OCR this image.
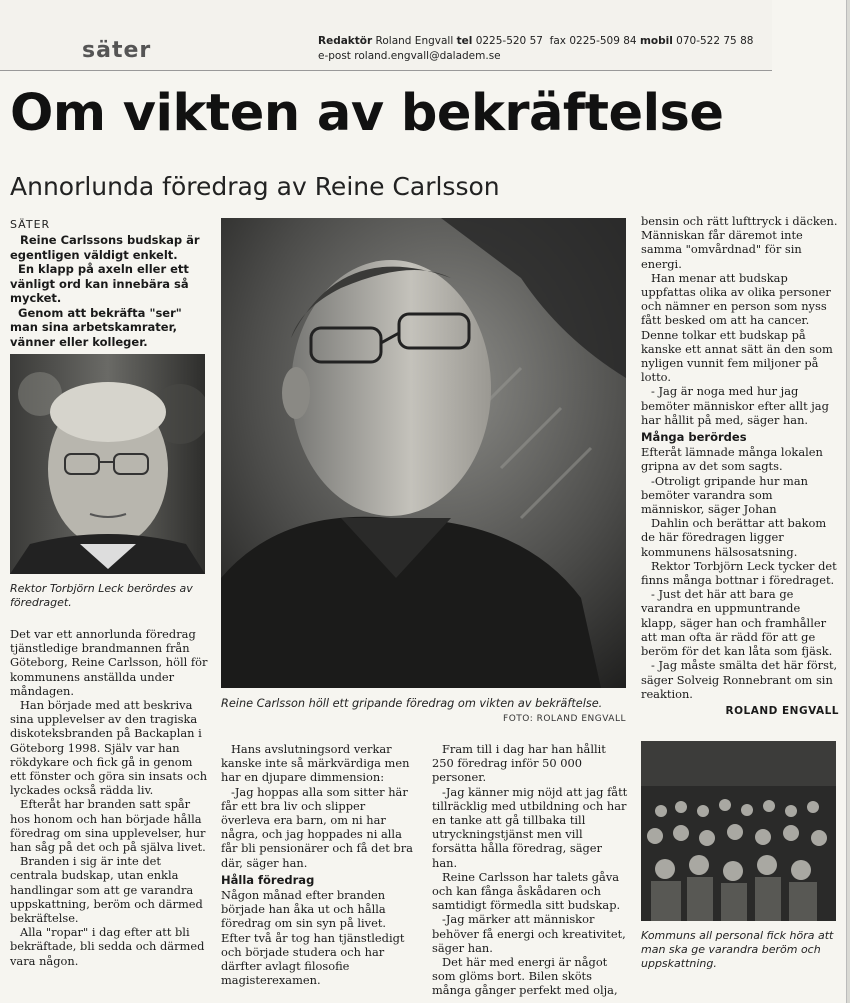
säter	Redaktör Roland Engvall tel 0225-520 57 fax 0225-509 84 mobil 070-522 75 88
e-post roland.engvall@daladem.se
Om vikten av bekräftelse
Annorlunda föredrag av Reine Carlsson
SÄTER

Reine Carlssons budskap är egentligen väldigt enkelt.

En klapp på axeln eller ett vänligt ord kan innebära så mycket.

Genom att bekräfta "ser" man sina arbetskamrater, vänner eller kolleger.

Rektor Torbjörn Leck berördes av föredraget.

Det var ett annorlunda föredrag tjänstledige brandmannen från Göteborg, Reine Carlsson, höll för kommunens anställda under måndagen.

Han började med att beskriva sina upplevelser av den tragiska diskoteksbranden på Backaplan i Göteborg 1998. Själv var han rökdykare och fick gå in genom ett fönster och göra sin insats och lyckades också rädda liv.

Efteråt har branden satt spår hos honom och han började hålla föredrag om sina upplevelser, hur han såg på det och på själva livet.

Branden i sig är inte det centrala budskap, utan enkla handlingar som att ge varandra uppskattning, beröm och därmed bekräftelse.

Alla "ropar" i dag efter att bli bekräftade, bli sedda och därmed vara någon.

Reine Carlsson höll ett gripande föredrag om vikten av bekräftelse.
FOTO: ROLAND ENGVALL

Hans avslutningsord verkar kanske inte så märkvärdiga men har en djupare dimmension:

-Jag hoppas alla som sitter här får ett bra liv och slipper överleva era barn, om ni har några, och jag hoppades ni alla får bli pensionärer och få det bra där, säger han.

Hålla föredrag

Någon månad efter branden började han åka ut och hålla föredrag om sin syn på livet. Efter två år tog han tjänstledigt och började studera och har därfter avlagt filosofie magisterexamen.

Fram till i dag har han hållit 250 föredrag inför 50 000 personer.

-Jag känner mig nöjd att jag fått tillräcklig med utbildning och har en tanke att gå tillbaka till utryckningstjänst men vill forsätta hålla föredrag, säger han.

Reine Carlsson har talets gåva och kan fånga åskådaren och samtidigt förmedla sitt budskap.

-Jag märker att människor behöver få energi och kreativitet, säger han.

Det här med energi är något som glöms bort. Bilen sköts många gånger perfekt med olja,

bensin och rätt lufttryck i däcken. Människan får däremot inte samma "omvårdnad" för sin energi.

Han menar att budskap uppfattas olika av olika personer och nämner en person som nyss fått besked om att ha cancer. Denne tolkar ett budskap på kanske ett annat sätt än den som nyligen vunnit fem miljoner på lotto.

- Jag är noga med hur jag bemöter människor efter allt jag har hållit på med, säger han.

Många berördes

Efteråt lämnade många lokalen gripna av det som sagts.

-Otroligt gripande hur man bemöter varandra som människor, säger Johan

Dahlin och berättar att bakom de här föredragen ligger kommunens hälsosatsning.

Rektor Torbjörn Leck tycker det finns många bottnar i föredraget.

- Just det här att bara ge varandra en uppmuntrande klapp, säger han och framhåller att man ofta är rädd för att ge beröm för det kan låta som fjäsk.

- Jag måste smälta det här först, säger Solveig Ronnebrant om sin reaktion.

ROLAND ENGVALL
Kommuns all personal fick höra att man ska ge varandra beröm och uppskattning.
